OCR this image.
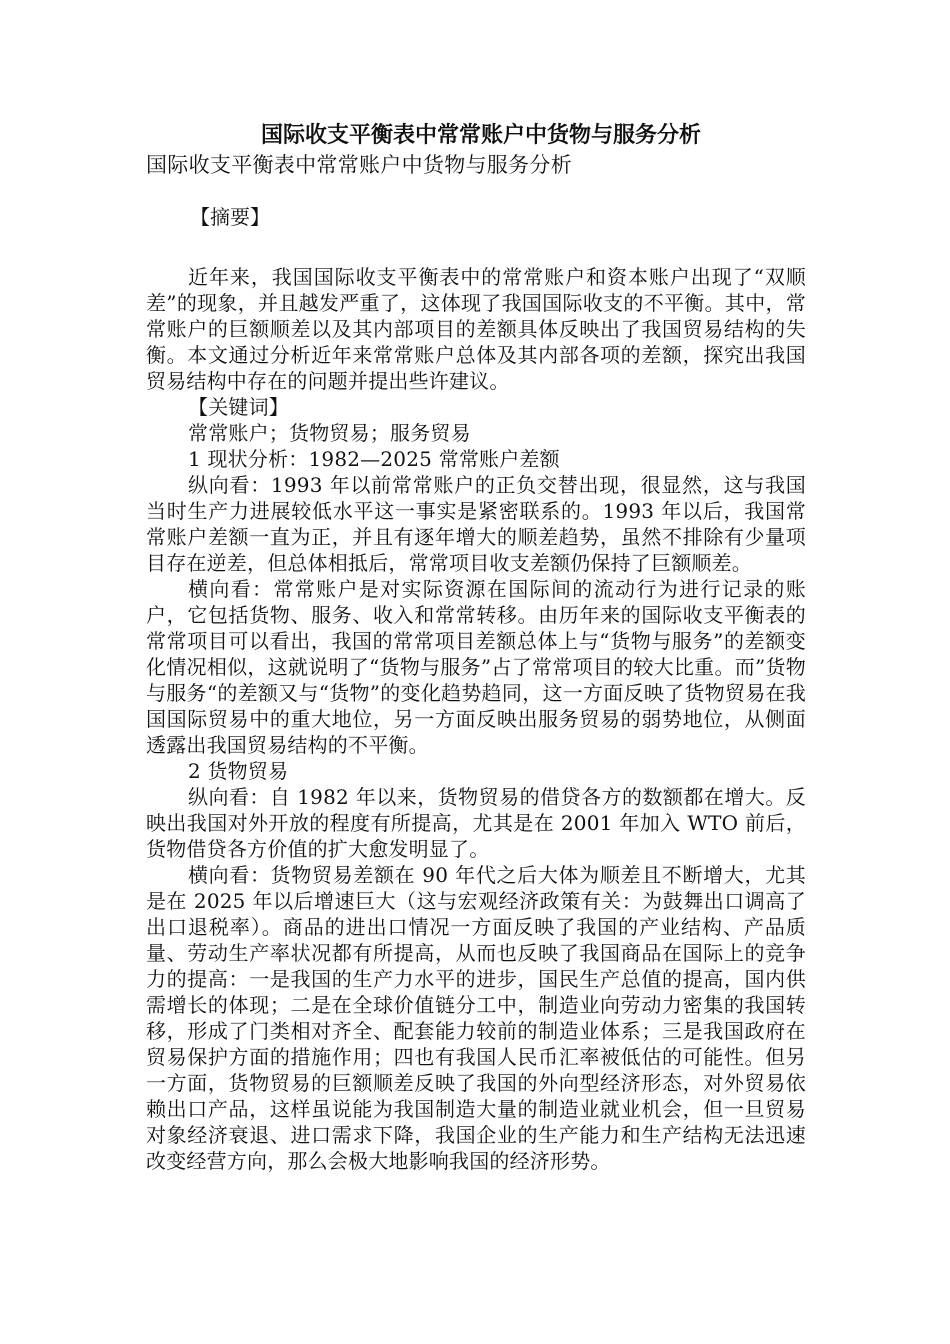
国际收支平衡表中常常账户中货物与服务分析
国际收支平衡表中常常账户中货物与服务分析
【摘要】

近年来，我国国际收支平衡表中的常常账户和资本账户出现了“双顺差”的现象，并且越发严重了，这体现了我国国际收支的不平衡。其中，常常账户的巨额顺差以及其内部项目的差额具体反映出了我国贸易结构的失衡。本文通过分析近年来常常账户总体及其内部各项的差额，探究出我国贸易结构中存在的问题并提出些许建议。

【关键词】

常常账户；货物贸易；服务贸易

1 现状分析：1982—2025 常常账户差额

纵向看：1993 年以前常常账户的正负交替出现，很显然，这与我国当时生产力进展较低水平这一事实是紧密联系的。1993 年以后，我国常常账户差额一直为正，并且有逐年增大的顺差趋势，虽然不排除有少量项目存在逆差，但总体相抵后，常常项目收支差额仍保持了巨额顺差。

横向看：常常账户是对实际资源在国际间的流动行为进行记录的账户，它包括货物、服务、收入和常常转移。由历年来的国际收支平衡表的常常项目可以看出，我国的常常项目差额总体上与“货物与服务”的差额变化情况相似，这就说明了“货物与服务”占了常常项目的较大比重。而”货物与服务“的差额又与“货物”的变化趋势趋同，这一方面反映了货物贸易在我国国际贸易中的重大地位，另一方面反映出服务贸易的弱势地位，从侧面透露出我国贸易结构的不平衡。

2 货物贸易

纵向看：自 1982 年以来，货物贸易的借贷各方的数额都在增大。反映出我国对外开放的程度有所提高，尤其是在 2001 年加入 WTO 前后，货物借贷各方价值的扩大愈发明显了。

横向看：货物贸易差额在 90 年代之后大体为顺差且不断增大，尤其是在 2025 年以后增速巨大（这与宏观经济政策有关：为鼓舞出口调高了出口退税率）。商品的进出口情况一方面反映了我国的产业结构、产品质量、劳动生产率状况都有所提高，从而也反映了我国商品在国际上的竞争力的提高：一是我国的生产力水平的进步，国民生产总值的提高，国内供需增长的体现；二是在全球价值链分工中，制造业向劳动力密集的我国转移，形成了门类相对齐全、配套能力较前的制造业体系；三是我国政府在贸易保护方面的措施作用；四也有我国人民币汇率被低估的可能性。但另一方面，货物贸易的巨额顺差反映了我国的外向型经济形态，对外贸易依赖出口产品，这样虽说能为我国制造大量的制造业就业机会，但一旦贸易对象经济衰退、进口需求下降，我国企业的生产能力和生产结构无法迅速改变经营方向，那么会极大地影响我国的经济形势。
